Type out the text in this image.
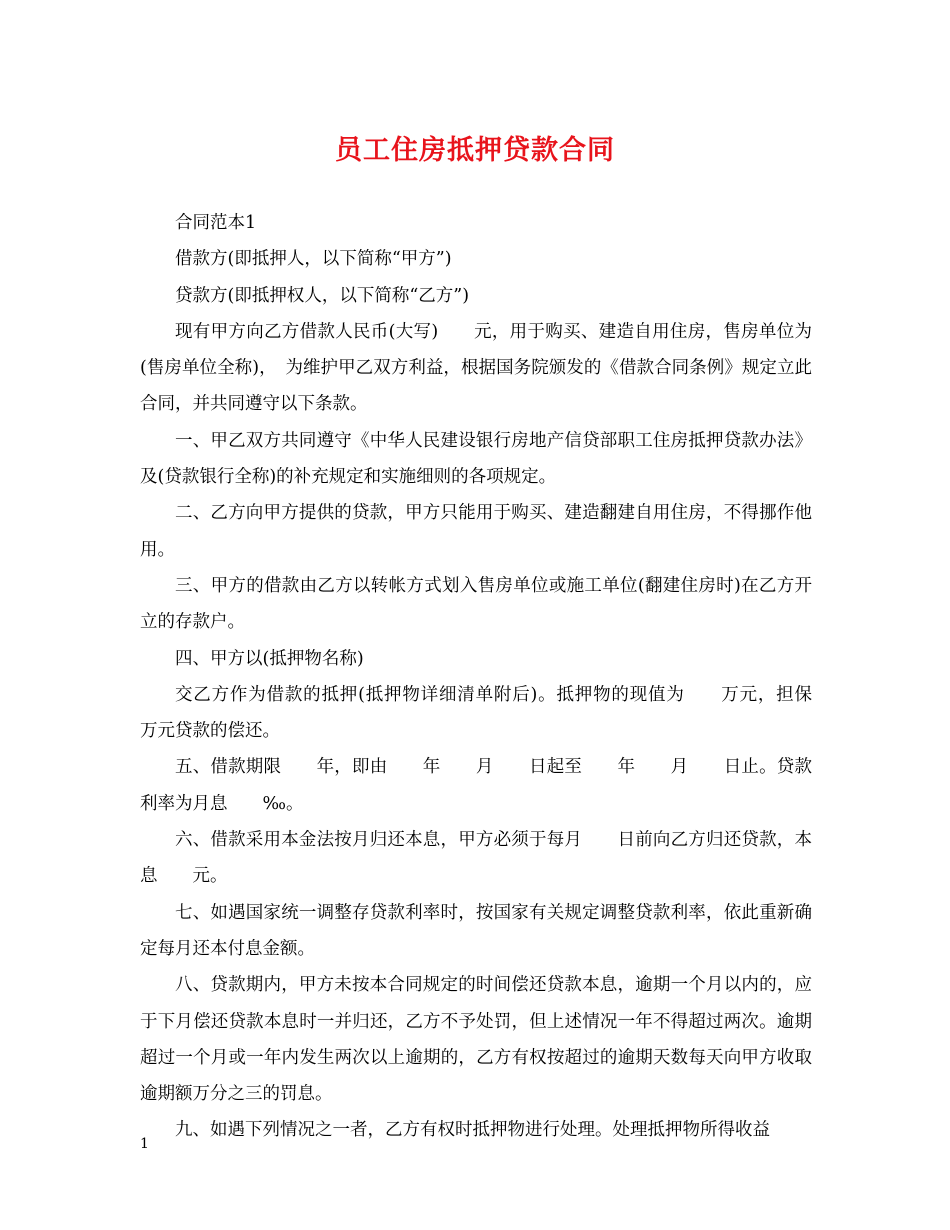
员工住房抵押贷款合同

合同范本1

借款方(即抵押人，以下简称“甲方”)

贷款方(即抵押权人，以下简称“乙方”)

现有甲方向乙方借款人民币(大写)　　元，用于购买、建造自用住房，售房单位为(售房单位全称)，　为维护甲乙双方利益，根据国务院颁发的《借款合同条例》规定立此合同，并共同遵守以下条款。

一、甲乙双方共同遵守《中华人民建设银行房地产信贷部职工住房抵押贷款办法》及(贷款银行全称)的补充规定和实施细则的各项规定。

二、乙方向甲方提供的贷款，甲方只能用于购买、建造翻建自用住房，不得挪作他用。

三、甲方的借款由乙方以转帐方式划入售房单位或施工单位(翻建住房时)在乙方开立的存款户。

四、甲方以(抵押物名称)

交乙方作为借款的抵押(抵押物详细清单附后)。抵押物的现值为　　万元，担保　　万元贷款的偿还。

五、借款期限　　年，即由　　年　　月　　日起至　　年　　月　　日止。贷款利率为月息　　‰。

六、借款采用本金法按月归还本息，甲方必须于每月　　日前向乙方归还贷款，本息　　元。

七、如遇国家统一调整存贷款利率时，按国家有关规定调整贷款利率，依此重新确定每月还本付息金额。

八、贷款期内，甲方未按本合同规定的时间偿还贷款本息，逾期一个月以内的，应于下月偿还贷款本息时一并归还，乙方不予处罚，但上述情况一年不得超过两次。逾期超过一个月或一年内发生两次以上逾期的，乙方有权按超过的逾期天数每天向甲方收取逾期额万分之三的罚息。

九、如遇下列情况之一者，乙方有权时抵押物进行处理。处理抵押物所得收益

1
